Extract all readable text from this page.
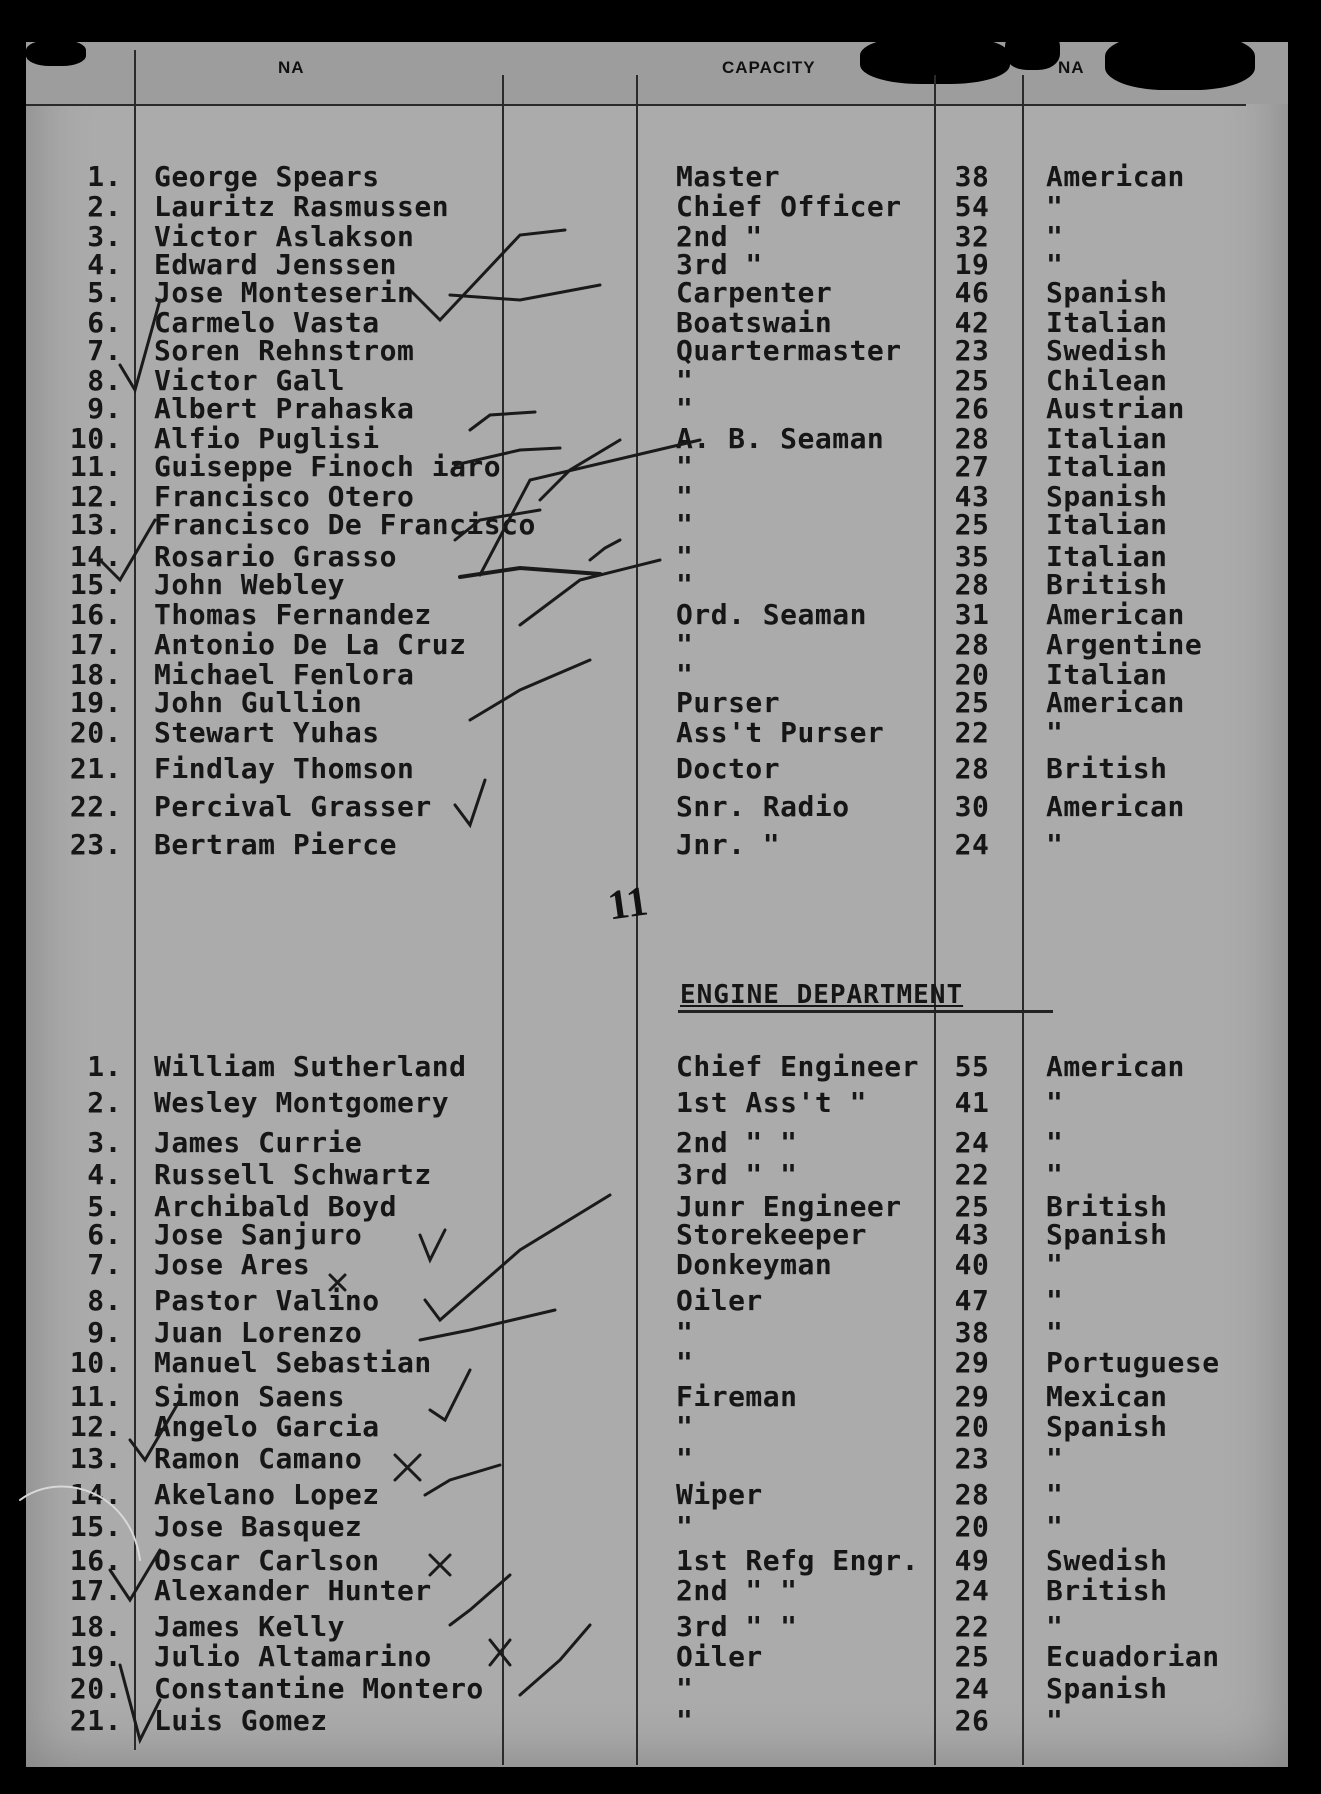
NA	CAPACITY	NA
1. George Spears	Master	38	American
2. Lauritz Rasmussen	Chief Officer	54	"
3. Victor Aslakson	2nd "	32	"
4. Edward Jenssen	3rd "	19	"
5. Jose Monteserin	Carpenter	46	Spanish
6. Carmelo Vasta	Boatswain	42	Italian
7. Soren Rehnstrom	Quartermaster	23	Swedish
8. Victor Gall	"	25	Chilean
9. Albert Prahaska	"	26	Austrian
10. Alfio Puglisi	A. B. Seaman	28	Italian
11. Guiseppe Finoch iaro	"	27	Italian
12. Francisco Otero	"	43	Spanish
13. Francisco De Francisco	"	25	Italian
14. Rosario Grasso	"	35	Italian
15. John Webley	"	28	British
16. Thomas Fernandez	Ord. Seaman	31	American
17. Antonio De La Cruz	"	28	Argentine
18. Michael Fenlora	"	20	Italian
19. John Gullion	Purser	25	American
20. Stewart Yuhas	Ass't Purser	22	"
21. Findlay Thomson	Doctor	28	British
22. Percival Grasser	Snr. Radio	30	American
23. Bertram Pierce	Jnr. "	24	"
11
ENGINE DEPARTMENT
1. William Sutherland	Chief Engineer	55	American
2. Wesley Montgomery	1st Ass't "	41	"
3. James Currie	2nd " "	24	"
4. Russell Schwartz	3rd " "	22	"
5. Archibald Boyd	Junr Engineer	25	British
6. Jose Sanjuro	Storekeeper	43	Spanish
7. Jose Ares	Donkeyman	40	"
8. Pastor Valino	Oiler	47	"
9. Juan Lorenzo	"	38	"
10. Manuel Sebastian	"	29	Portuguese
11. Simon Saens	Fireman	29	Mexican
12. Angelo Garcia	"	20	Spanish
13. Ramon Camano	"	23	"
14. Akelano Lopez	Wiper	28	"
15. Jose Basquez	"	20	"
16. Oscar Carlson	1st Refg Engr.	49	Swedish
17. Alexander Hunter	2nd " "	24	British
18. James Kelly	3rd " "	22	"
19. Julio Altamarino	Oiler	25	Ecuadorian
20. Constantine Montero	"	24	Spanish
21. Luis Gomez	"	26	"
